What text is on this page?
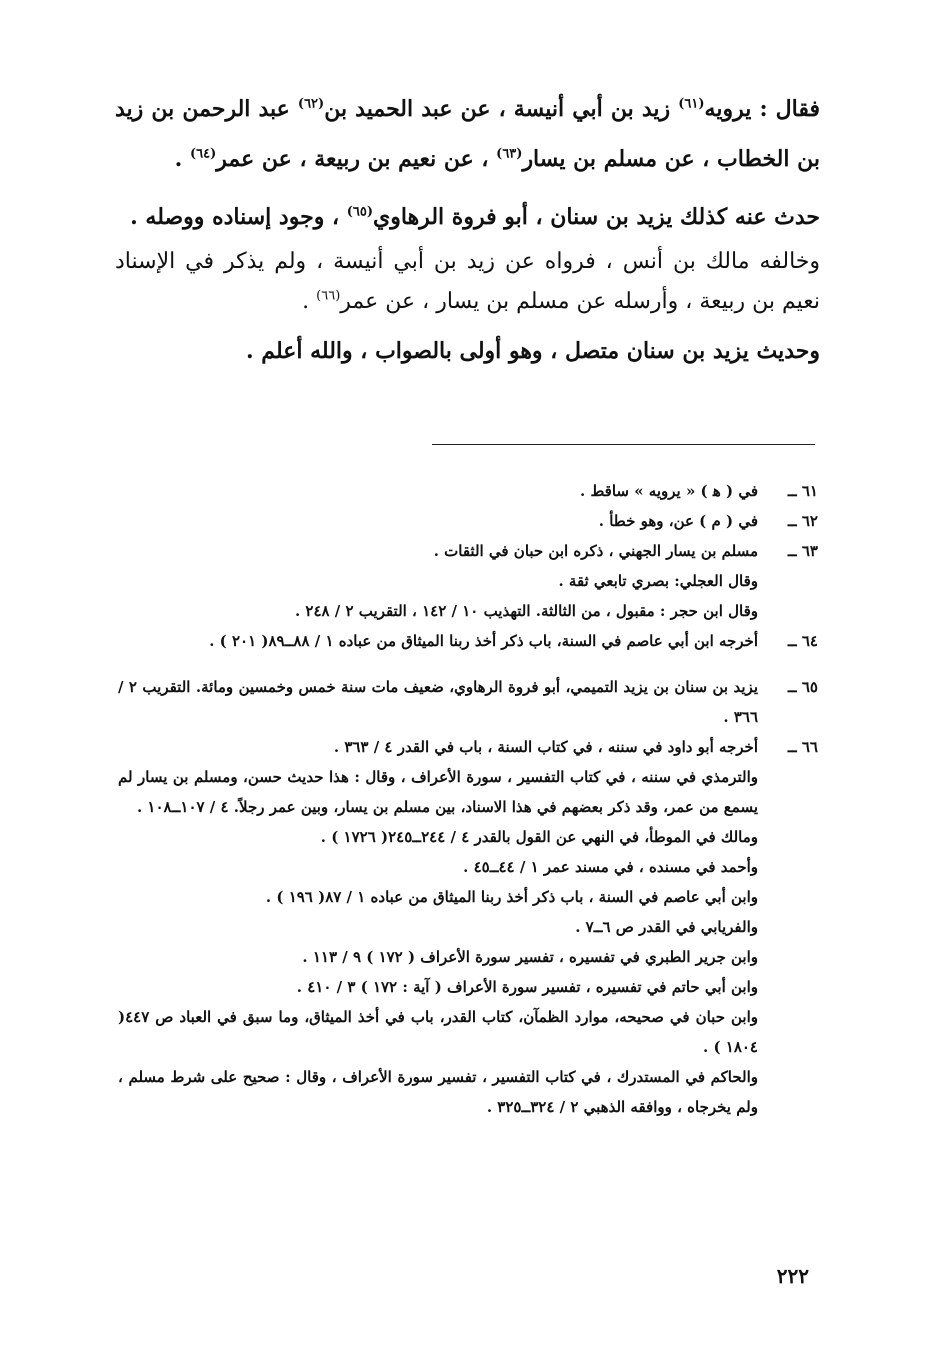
فقال : يرويه$^{(٦١)}$ زيد بن أبي أنيسة ، عن عبد الحميد بن$^{(٦٢)}$ عبد الرحمن بن زيد بن الخطاب ، عن مسلم بن يسار$^{(٦٣)}$ ، عن نعيم بن ربيعة ، عن عمر$^{(٦٤)}$ .

حدث عنه كذلك يزيد بن سنان ، أبو فروة الرهاوي$^{(٦٥)}$ ، وجود إسناده ووصله .

وخالفه مالك بن أنس ، فرواه عن زيد بن أبي أنيسة ، ولم يذكر في الإسناد نعيم بن ربيعة ، وأرسله عن مسلم بن يسار ، عن عمر$^{(٦٦)}$ .

وحديث يزيد بن سنان متصل ، وهو أولى بالصواب ، والله أعلم .

٦١ ــ
في ( ﻫ ) « يرويه » ساقط .
٦٢ ــ
في ( م ) عن، وهو خطأ .
٦٣ ــ
مسلم بن يسار الجهني ، ذكره ابن حبان في الثقات .
وقال العجلي: بصري تابعي ثقة .
وقال ابن حجر : مقبول ، من الثالثة. التهذيب ١٠ / ١٤٢ ، التقريب ٢ / ٢٤٨ .
٦٤ ــ
أخرجه ابن أبي عاصم في السنة، باب ذكر أخذ ربنا الميثاق من عباده ١ / ٨٨ــ٨٩( ٢٠١ ) .
٦٥ ــ
يزيد بن سنان بن يزيد التميمي، أبو فروة الرهاوي، ضعيف مات سنة خمس وخمسين ومائة. التقريب ٢ / ٣٦٦ .
٦٦ ــ
أخرجه أبو داود في سننه ، في كتاب السنة ، باب في القدر ٤ / ٣٦٣ .
والترمذي في سننه ، في كتاب التفسير ، سورة الأعراف ، وقال : هذا حديث حسن، ومسلم بن يسار لم يسمع من عمر، وقد ذكر بعضهم في هذا الاسناد، بين مسلم بن يسار، وبين عمر رجلاً. ٤ / ١٠٧ــ١٠٨ .
ومالك في الموطأ، في النهي عن القول بالقدر ٤ / ٢٤٤ــ٢٤٥( ١٧٢٦ ) .
وأحمد في مسنده ، في مسند عمر ١ / ٤٤ــ٤٥ .
وابن أبي عاصم في السنة ، باب ذكر أخذ ربنا الميثاق من عباده ١ / ٨٧( ١٩٦ ) .
والفريابي في القدر ص ٦ــ٧ .
وابن جرير الطبري في تفسيره ، تفسير سورة الأعراف ( ١٧٢ ) ٩ / ١١٣ .
وابن أبي حاتم في تفسيره ، تفسير سورة الأعراف ( آية : ١٧٢ ) ٣ / ٤١٠ .
وابن حبان في صحيحه، موارد الظمآن، كتاب القدر، باب في أخذ الميثاق، وما سبق في العباد ص ٤٤٧( ١٨٠٤ ) .
والحاكم في المستدرك ، في كتاب التفسير ، تفسير سورة الأعراف ، وقال : صحيح على شرط مسلم ، ولم يخرجاه ، ووافقه الذهبي ٢ / ٣٢٤ــ٣٢٥ .
٢٢٢
